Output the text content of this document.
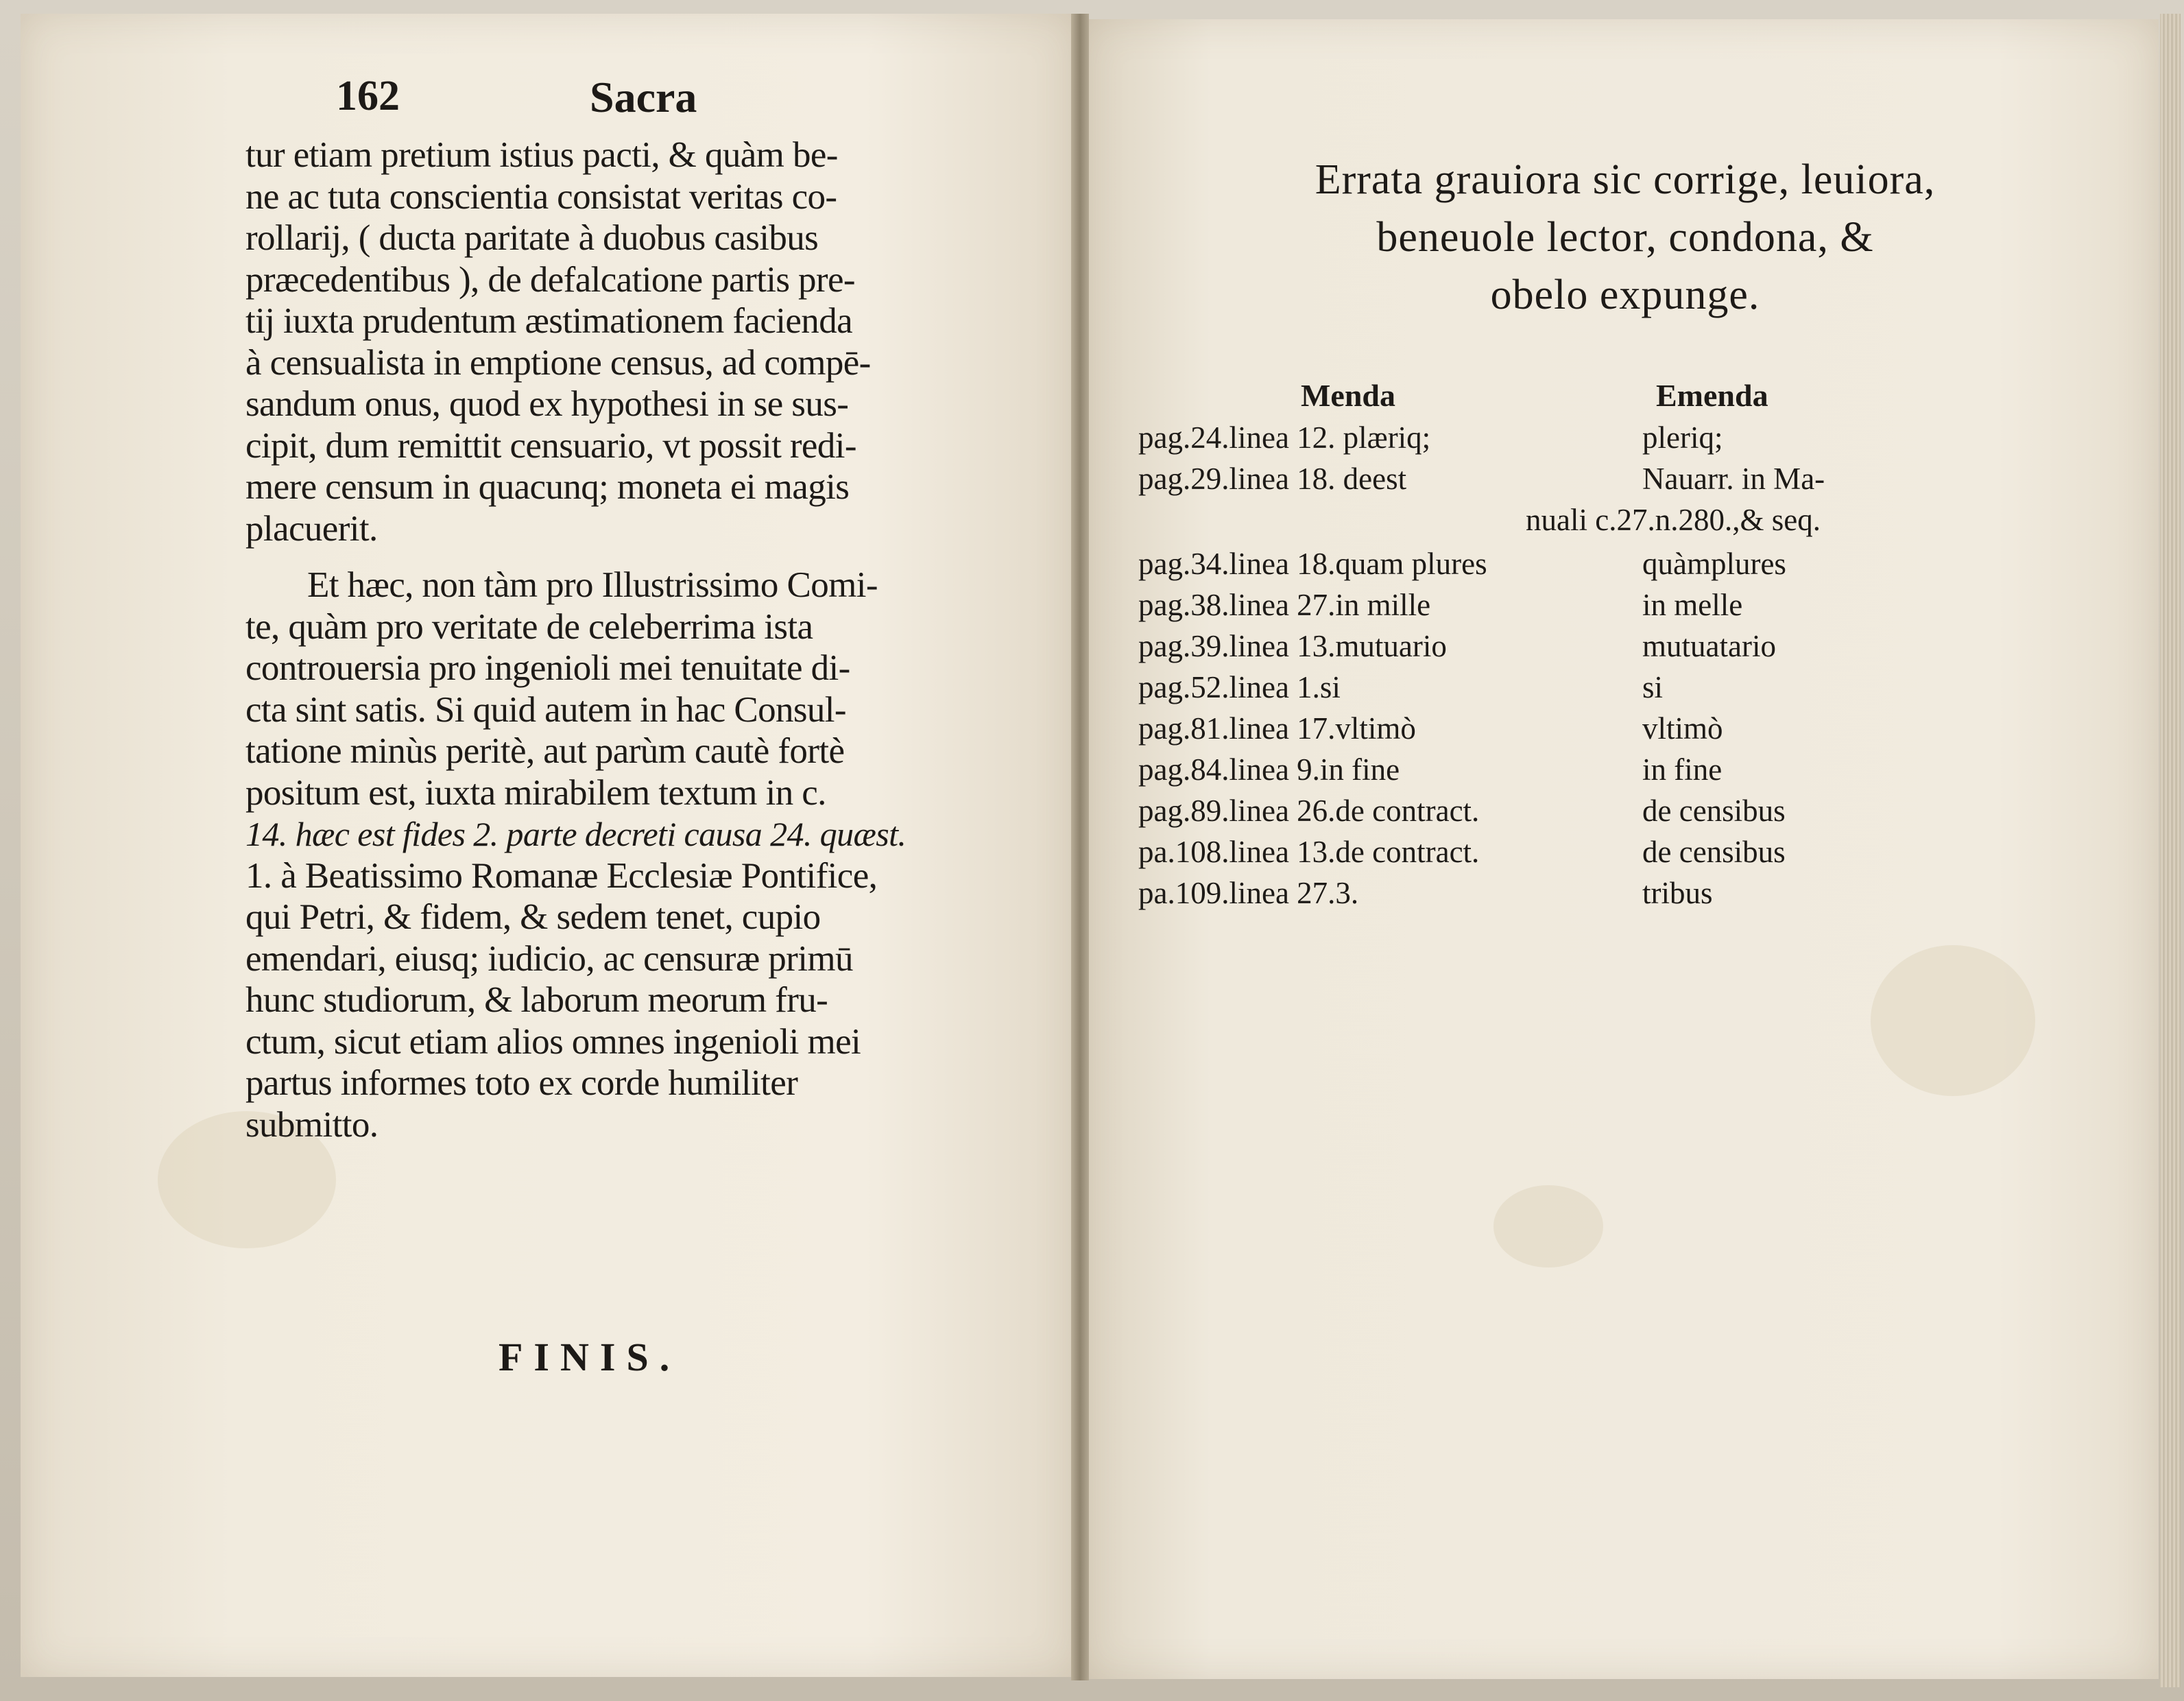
162	Sacra
tur etiam pretium istius pacti, & quàm be-
ne ac tuta conscientia consistat veritas co-
rollarij, ( ducta paritate à duobus casibus
præcedentibus ), de defalcatione partis pre-
tij iuxta prudentum æstimationem facienda
à censualista in emptione census, ad compē-
sandum onus, quod ex hypothesi in se sus-
cipit, dum remittit censuario, vt possit redi-
mere censum in quacunq; moneta ei magis
placuerit.
Et hæc, non tàm pro Illustrissimo Comi-
te, quàm pro veritate de celeberrima ista
controuersia pro ingenioli mei tenuitate di-
cta sint satis. Si quid autem in hac Consul-
tatione minùs peritè, aut parùm cautè fortè
positum est, iuxta mirabilem textum in c.
14. hæc est fides 2. parte decreti causa 24. quæst.
1. à Beatissimo Romanæ Ecclesiæ Pontifice,
qui Petri, & fidem, & sedem tenet, cupio
emendari, eiusq; iudicio, ac censuræ primū
hunc studiorum, & laborum meorum fru-
ctum, sicut etiam alios omnes ingenioli mei
partus informes toto ex corde humiliter
submitto.
FINIS.
Errata grauiora sic corrige, leuiora,
beneuole lector, condona, &
obelo expunge.
Menda	Emenda
pag.24.linea 12. plæriq;	pleriq;
pag.29.linea 18. deest	Nauarr. in Ma-
nuali c.27.n.280.,& seq.
pag.34.linea 18.quam plures	quàmplures
pag.38.linea 27.in mille	in melle
pag.39.linea 13.mutuario	mutuatario
pag.52.linea 1.si	si
pag.81.linea 17.vltimò	vltimò
pag.84.linea 9.in fine	in fine
pag.89.linea 26.de contract.	de censibus
pa.108.linea 13.de contract.	de censibus
pa.109.linea 27.3.	tribus
